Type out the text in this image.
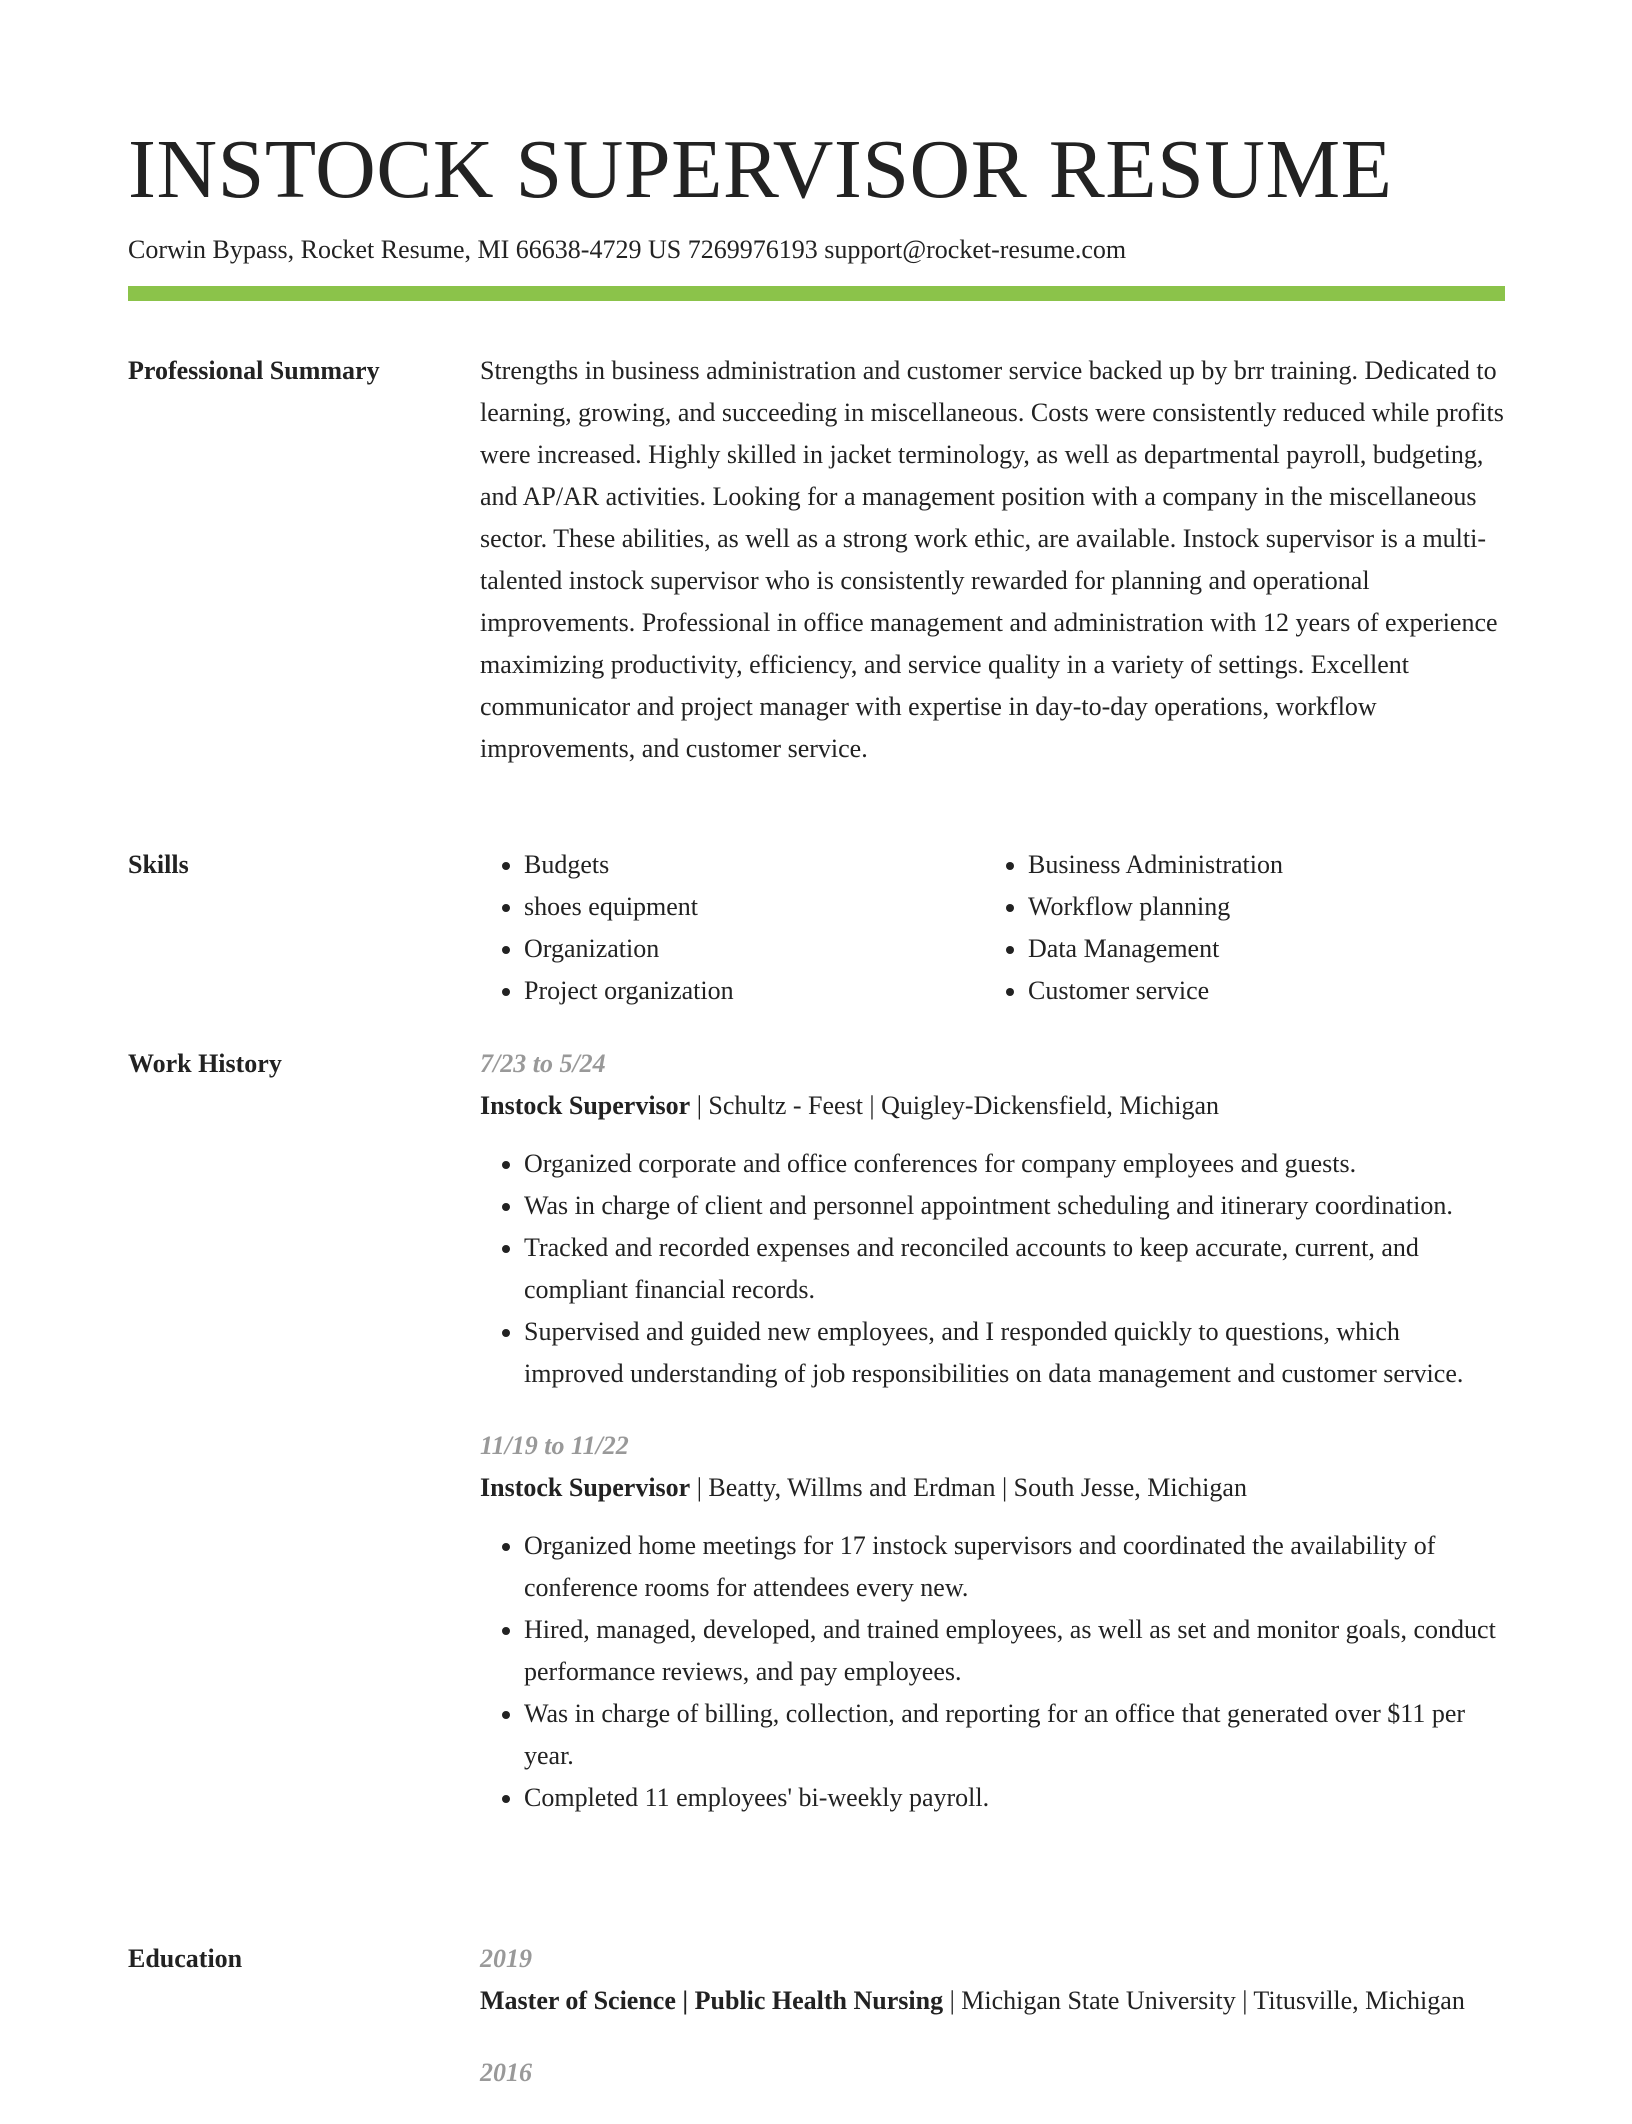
INSTOCK SUPERVISOR RESUME
Corwin Bypass, Rocket Resume, MI 66638-4729 US 7269976193 support@rocket-resume.com
Professional Summary	Strengths in business administration and customer service backed up by brr training. Dedicated to learning, growing, and succeeding in miscellaneous. Costs were consistently reduced while profits were increased. Highly skilled in jacket terminology, as well as departmental payroll, budgeting, and AP/AR activities. Looking for a management position with a company in the miscellaneous sector. These abilities, as well as a strong work ethic, are available. Instock supervisor is a multi-talented instock supervisor who is consistently rewarded for planning and operational improvements. Professional in office management and administration with 12 years of experience maximizing productivity, efficiency, and service quality in a variety of settings. Excellent communicator and project manager with expertise in day-to-day operations, workflow improvements, and customer service.

Skills
•	Budgets
• shoes equipment
• Organization
• Project organization
• Business Administration
• Workflow planning
• Data Management
• Customer service
Work History	7/23 to 5/24
Instock Supervisor | Schultz - Feest | Quigley-Dickensfield, Michigan
• Organized corporate and office conferences for company employees and guests.
• Was in charge of client and personnel appointment scheduling and itinerary coordination.
• Tracked and recorded expenses and reconciled accounts to keep accurate, current, and compliant financial records.
• Supervised and guided new employees, and I responded quickly to questions, which improved understanding of job responsibilities on data management and customer service.
11/19 to 11/22
Instock Supervisor | Beatty, Willms and Erdman | South Jesse, Michigan
• Organized home meetings for 17 instock supervisors and coordinated the availability of conference rooms for attendees every new.
• Hired, managed, developed, and trained employees, as well as set and monitor goals, conduct performance reviews, and pay employees.
• Was in charge of billing, collection, and reporting for an office that generated over $11 per year.
• Completed 11 employees' bi-weekly payroll.
Education	2019
Master of Science | Public Health Nursing | Michigan State University | Titusville, Michigan
2016
